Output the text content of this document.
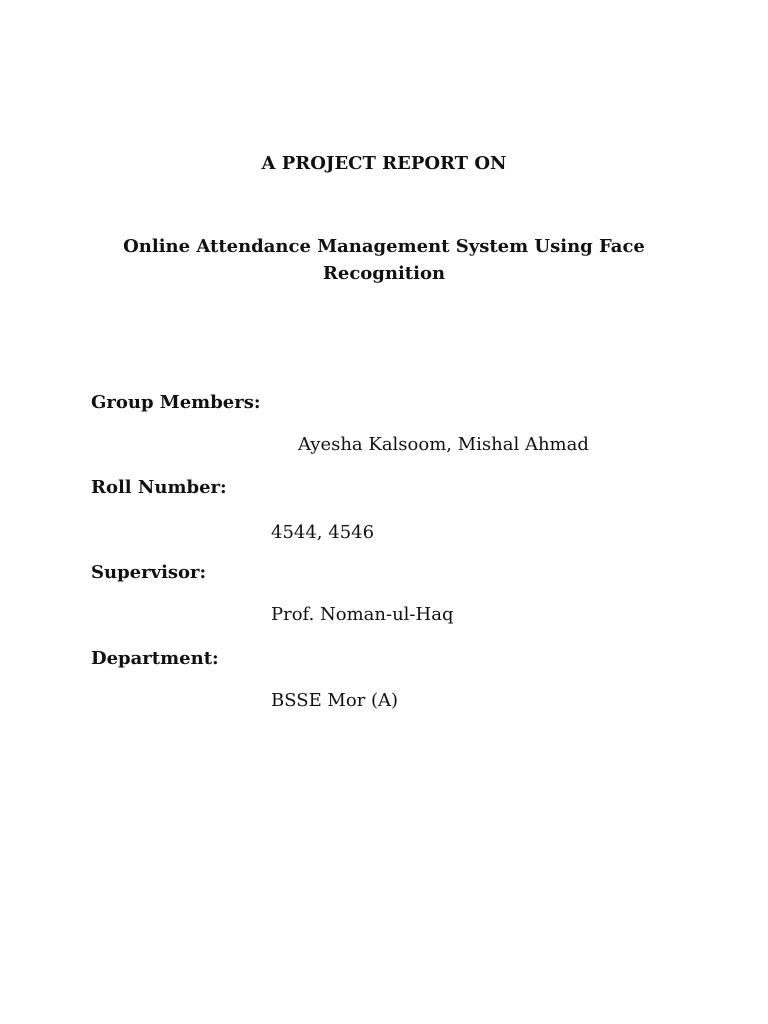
A PROJECT REPORT ON
Online Attendance Management System Using Face Recognition

Group Members:

Ayesha Kalsoom, Mishal Ahmad

Roll Number:

4544, 4546

Supervisor:

Prof. Noman-ul-Haq

Department:

BSSE Mor (A)
